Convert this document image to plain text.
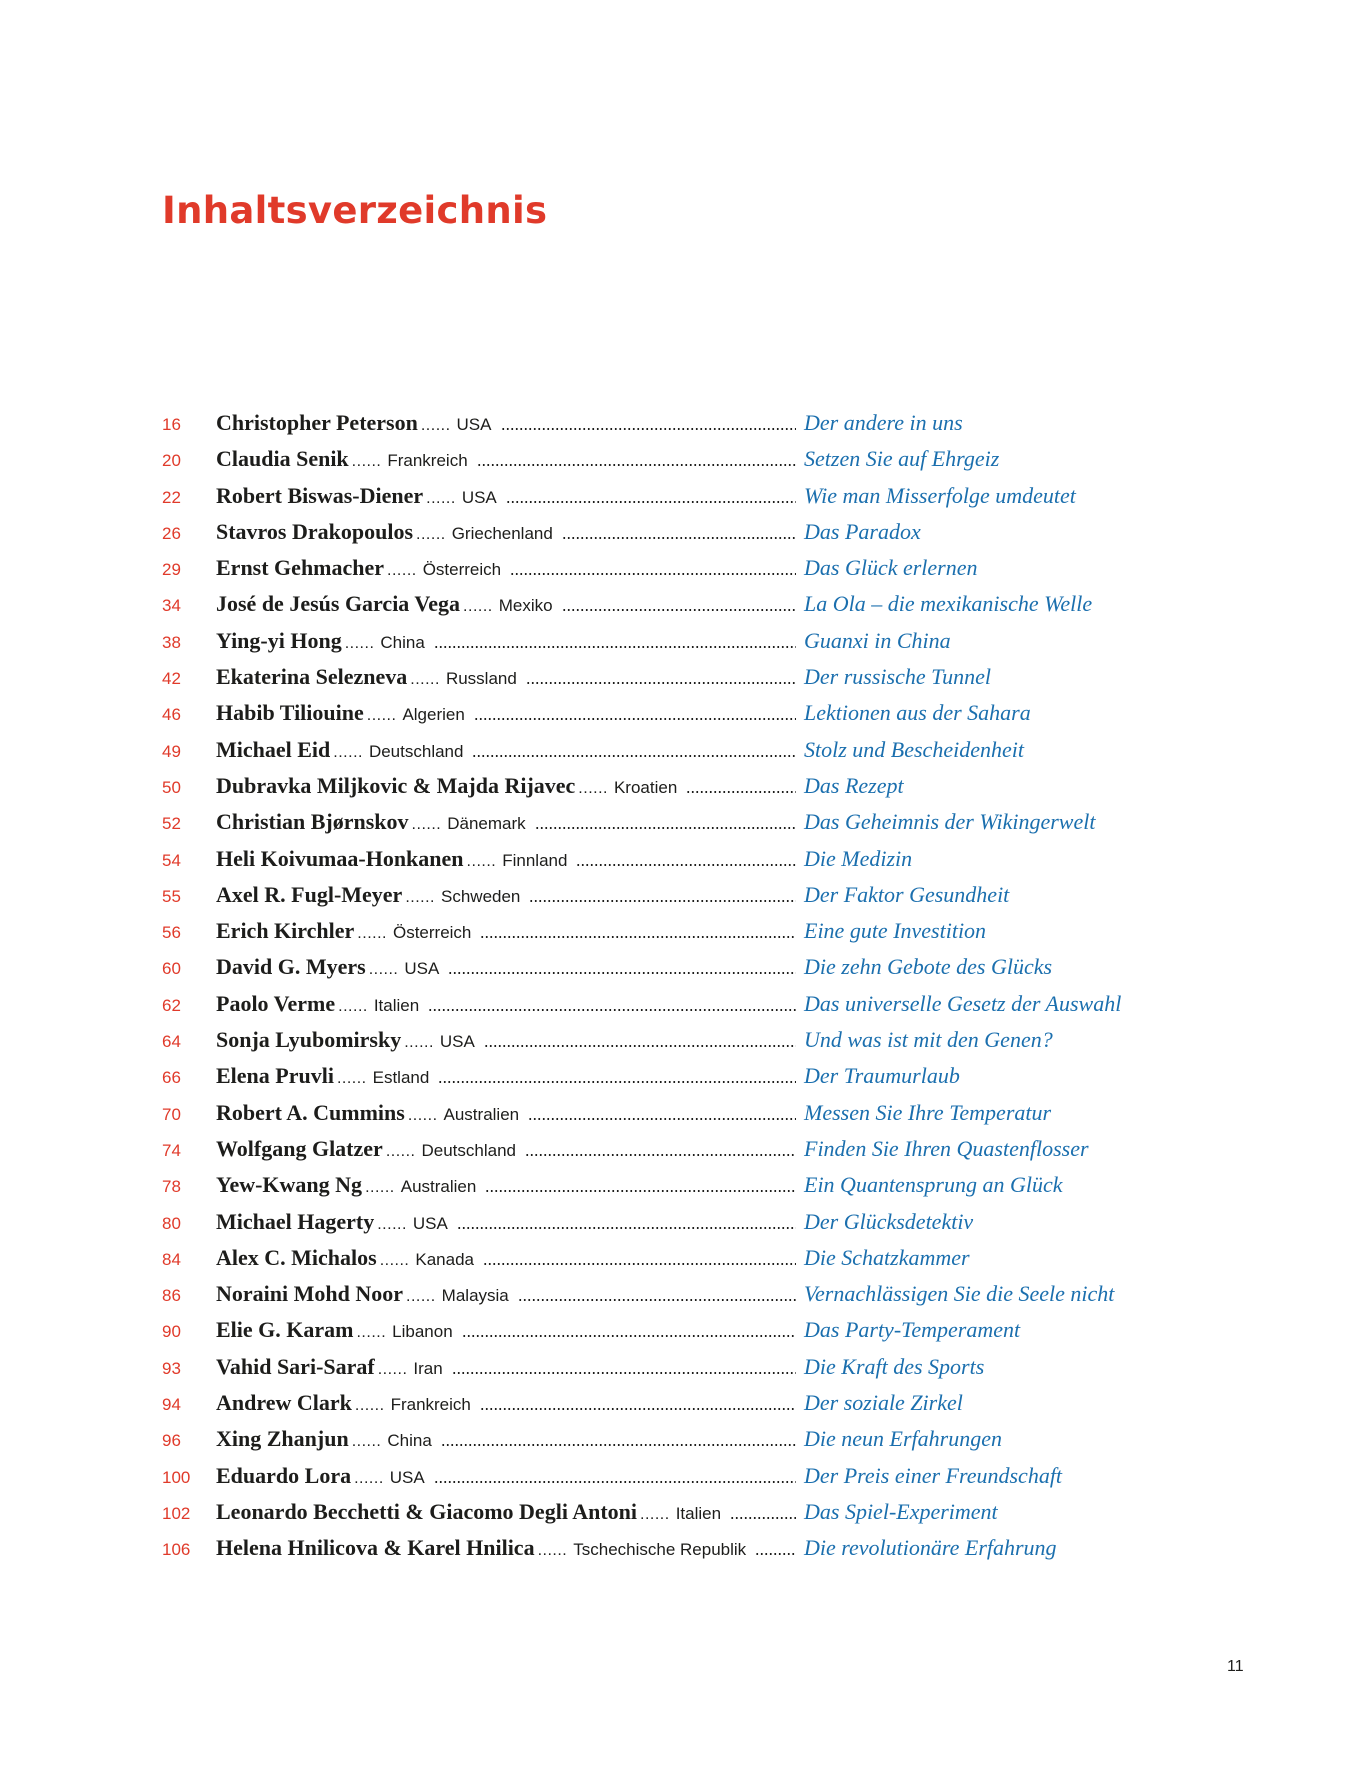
Inhaltsverzeichnis
16	Christopher Peterson ...... USA	Der andere in uns
20	Claudia Senik ...... Frankreich	Setzen Sie auf Ehrgeiz
22	Robert Biswas-Diener ...... USA	Wie man Misserfolge umdeutet
26	Stavros Drakopoulos ...... Griechenland	Das Paradox
29	Ernst Gehmacher ...... Österreich	Das Glück erlernen
34	José de Jesús Garcia Vega ...... Mexiko	La Ola – die mexikanische Welle
38	Ying-yi Hong ...... China	Guanxi in China
42	Ekaterina Selezneva ...... Russland	Der russische Tunnel
46	Habib Tiliouine ...... Algerien	Lektionen aus der Sahara
49	Michael Eid ...... Deutschland	Stolz und Bescheidenheit
50	Dubravka Miljkovic & Majda Rijavec ...... Kroatien	Das Rezept
52	Christian Bjørnskov ...... Dänemark	Das Geheimnis der Wikingerwelt
54	Heli Koivumaa-Honkanen ...... Finnland	Die Medizin
55	Axel R. Fugl-Meyer ...... Schweden	Der Faktor Gesundheit
56	Erich Kirchler ...... Österreich	Eine gute Investition
60	David G. Myers ...... USA	Die zehn Gebote des Glücks
62	Paolo Verme ...... Italien	Das universelle Gesetz der Auswahl
64	Sonja Lyubomirsky ...... USA	Und was ist mit den Genen?
66	Elena Pruvli ...... Estland	Der Traumurlaub
70	Robert A. Cummins ...... Australien	Messen Sie Ihre Temperatur
74	Wolfgang Glatzer ...... Deutschland	Finden Sie Ihren Quastenflosser
78	Yew-Kwang Ng ...... Australien	Ein Quantensprung an Glück
80	Michael Hagerty ...... USA	Der Glücksdetektiv
84	Alex C. Michalos ...... Kanada	Die Schatzkammer
86	Noraini Mohd Noor ...... Malaysia	Vernachlässigen Sie die Seele nicht
90	Elie G. Karam ...... Libanon	Das Party-Temperament
93	Vahid Sari-Saraf ...... Iran	Die Kraft des Sports
94	Andrew Clark ...... Frankreich	Der soziale Zirkel
96	Xing Zhanjun ...... China	Die neun Erfahrungen
100	Eduardo Lora ...... USA	Der Preis einer Freundschaft
102	Leonardo Becchetti & Giacomo Degli Antoni ...... Italien	Das Spiel-Experiment
106	Helena Hnilicova & Karel Hnilica ...... Tschechische Republik	Die revolutionäre Erfahrung
11
